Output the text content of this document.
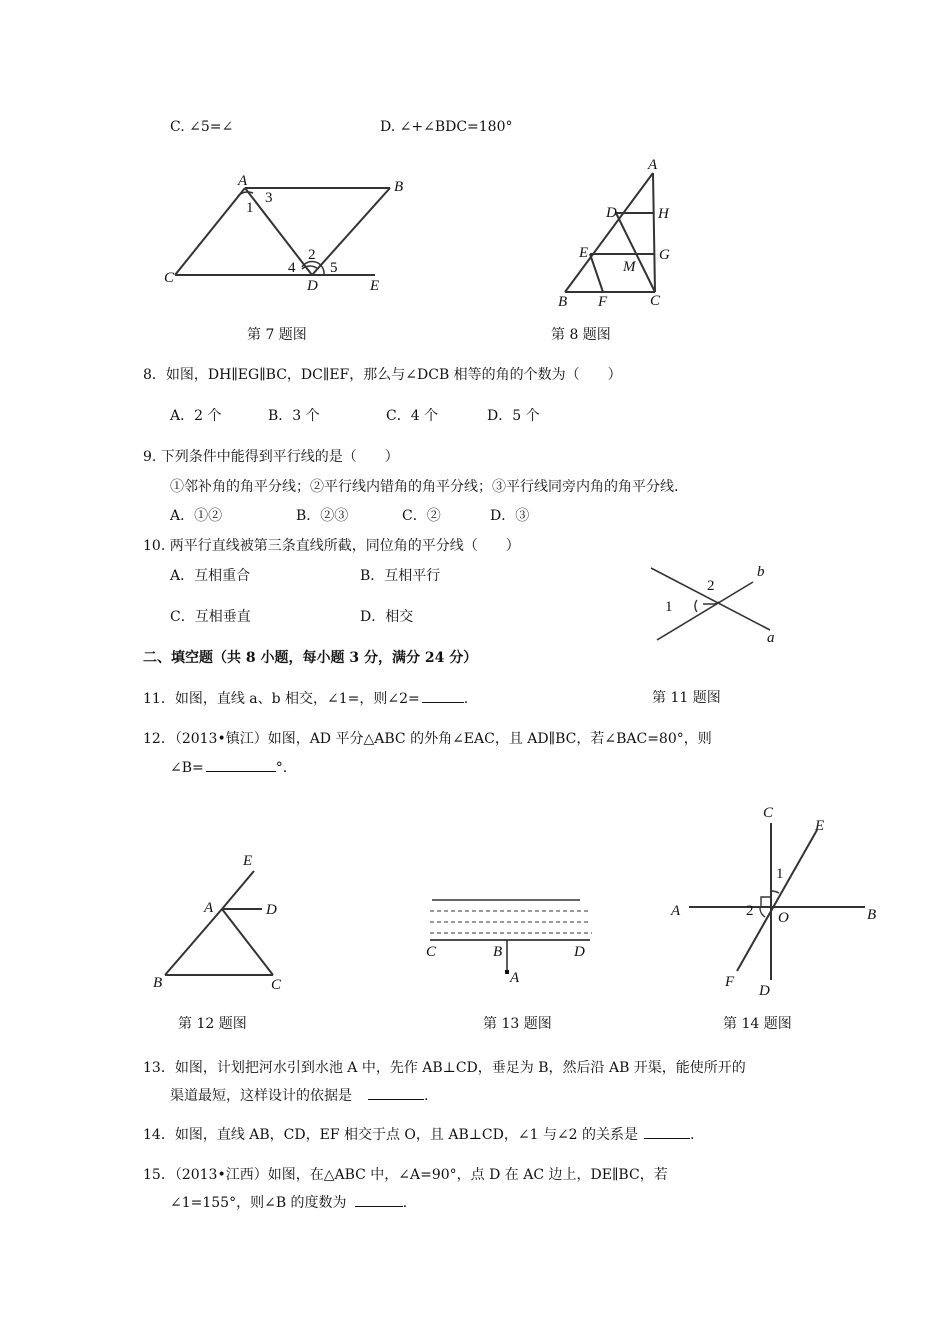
C. ∠5=∠	D. ∠+∠BDC=180°
A	B
C	D	E
1
3
2
4 5
第 7 题图
A
D	H
E	G
M
B F	C
第 8 题图
8．如图，DH∥EG∥BC，DC∥EF，那么与∠DCB 相等的角的个数为（　　）
A．2 个	B．3 个	C．4 个	D．5 个
9. 下列条件中能得到平行线的是（　　）
①邻补角的角平分线；②平行线内错角的角平分线；③平行线同旁内角的角平分线.
A．①②	B．②③	C．②	D．③
10. 两平行直线被第三条直线所截，同位角的平分线（　　）
A．互相重合	B．互相平行
C．互相垂直	D．相交
b
a
1
2
二、填空题（共 8 小题，每小题 3 分，满分 24 分）
11．如图，直线 a、b 相交，∠1=，则∠2=	.	第 11 题图
12．（2013•镇江）如图，AD 平分△ABC 的外角∠EAC，且 AD∥BC，若∠BAC=80°，则
∠B=	°.
E
A	D
B	C
第 12 题图
C	B	D
A
第 13 题图
C
E
A	B
O
F
D
1
2
第 14 题图
13．如图，计划把河水引到水池 A 中，先作 AB⊥CD，垂足为 B，然后沿 AB 开渠，能使所开的
渠道最短，这样设计的依据是	.
14．如图，直线 AB，CD，EF 相交于点 O，且 AB⊥CD，∠1 与∠2 的关系是	.
15．（2013•江西）如图，在△ABC 中，∠A=90°，点 D 在 AC 边上，DE∥BC，若
∠1=155°，则∠B 的度数为	.
